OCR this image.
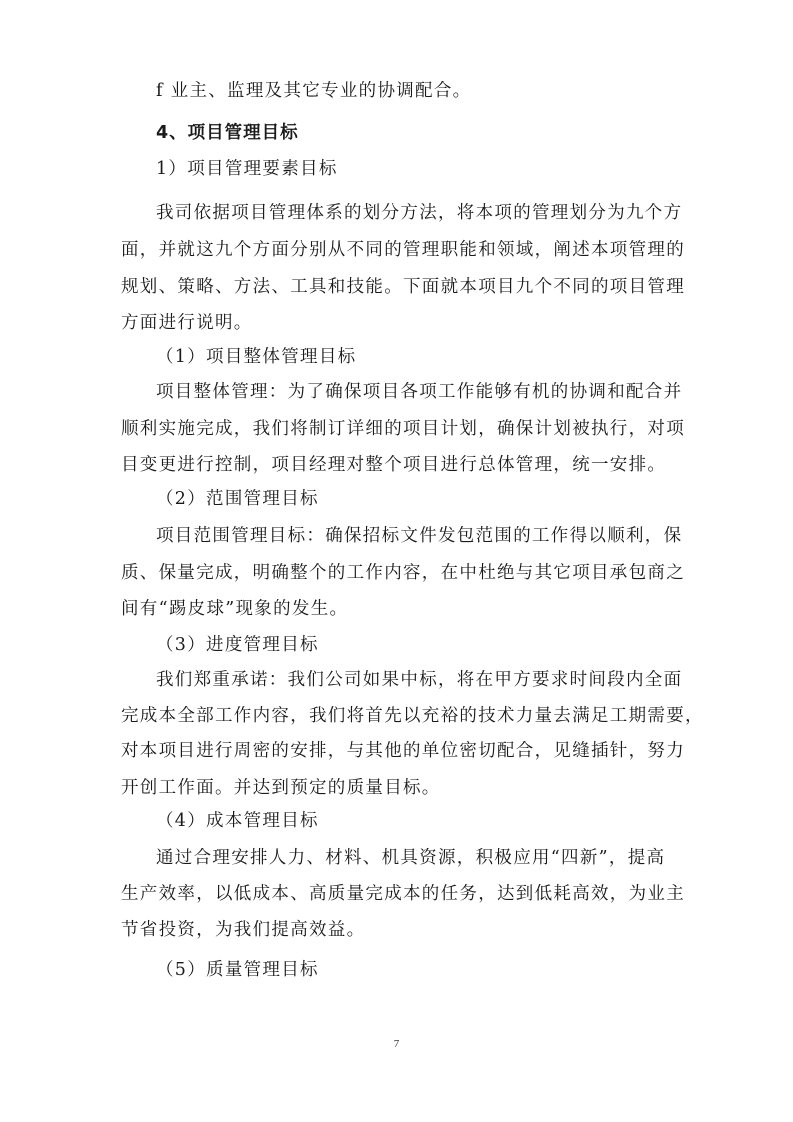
f 业主、监理及其它专业的协调配合。
4、项目管理目标
1）项目管理要素目标
我司依据项目管理体系的划分方法，将本项的管理划分为九个方
面，并就这九个方面分别从不同的管理职能和领域，阐述本项管理的
规划、策略、方法、工具和技能。下面就本项目九个不同的项目管理
方面进行说明。
（1）项目整体管理目标
项目整体管理：为了确保项目各项工作能够有机的协调和配合并
顺利实施完成，我们将制订详细的项目计划，确保计划被执行，对项
目变更进行控制，项目经理对整个项目进行总体管理，统一安排。
（2）范围管理目标
项目范围管理目标：确保招标文件发包范围的工作得以顺利，保
质、保量完成，明确整个的工作内容，在中杜绝与其它项目承包商之
间有“踢皮球”现象的发生。
（3）进度管理目标
我们郑重承诺：我们公司如果中标，将在甲方要求时间段内全面
完成本全部工作内容，我们将首先以充裕的技术力量去满足工期需要，
对本项目进行周密的安排，与其他的单位密切配合，见缝插针，努力
开创工作面。并达到预定的质量目标。
（4）成本管理目标
通过合理安排人力、材料、机具资源，积极应用“四新”，提高
生产效率，以低成本、高质量完成本的任务，达到低耗高效，为业主
节省投资，为我们提高效益。
（5）质量管理目标
7
